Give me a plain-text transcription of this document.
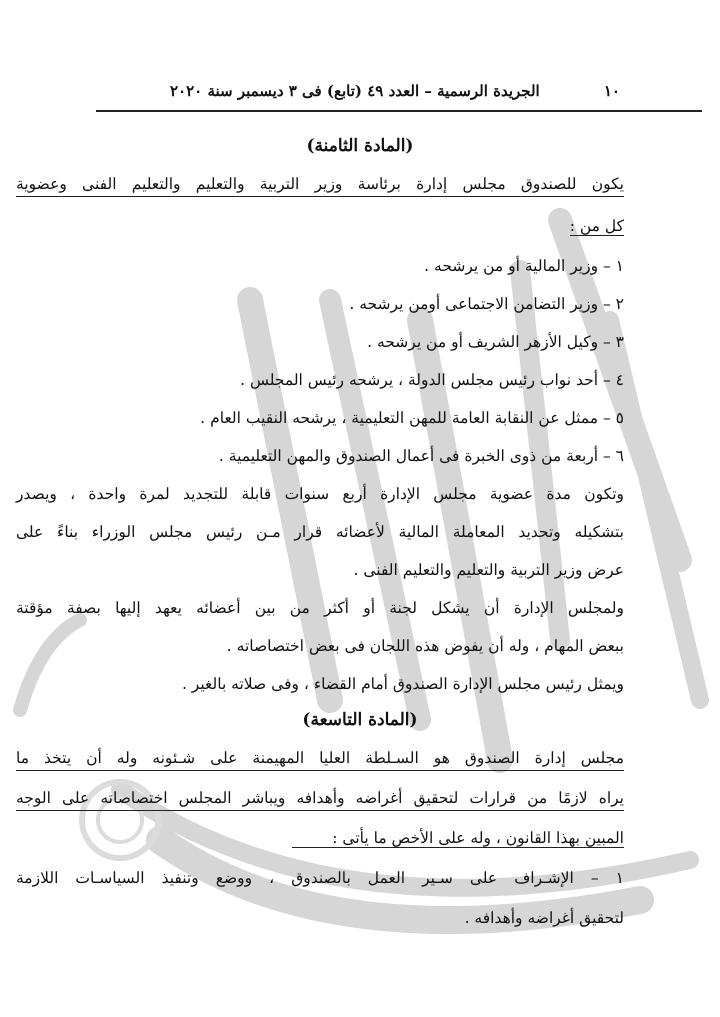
١٠
الجريدة الرسمية – العدد ٤٩ (تابع) فى ٣ ديسمبر سنة ٢٠٢٠
(المادة الثامنة)
يكون للصندوق مجلس إدارة برئاسة وزير التربية والتعليم والتعليم الفنى وعضوية
كل من :
١ – وزير المالية أو من يرشحه .
٢ – وزير التضامن الاجتماعى أومن يرشحه .
٣ – وكيل الأزهر الشريف أو من يرشحه .
٤ – أحد نواب رئيس مجلس الدولة ، يرشحه رئيس المجلس .
٥ – ممثل عن النقابة العامة للمهن التعليمية ، يرشحه النقيب العام .
٦ – أربعة من ذوى الخبرة فى أعمال الصندوق والمهن التعليمية .
وتكون مدة عضوية مجلس الإدارة أربع سنوات قابلة للتجديد لمرة واحدة ، ويصدر
بتشكيله وتحديد المعاملة المالية لأعضائه قرار مـن رئيس مجلس الوزراء بناءً على
عرض وزير التربية والتعليم والتعليم الفنى .
ولمجلس الإدارة أن يشكل لجنة أو أكثر من بين أعضائه يعهد إليها بصفة مؤقتة
ببعض المهام ، وله أن يفوض هذه اللجان فى بعض اختصاصاته .
ويمثل رئيس مجلس الإدارة الصندوق أمام القضاء ، وفى صلاته بالغير .
(المادة التاسعة)
مجلس إدارة الصندوق هو السـلطة العليا المهيمنة على شـئونه وله أن يتخذ ما
يراه لازمًا من قرارات لتحقيق أغراضه وأهدافه ويباشر المجلس اختصاصاته على الوجه
المبين بهذا القانون ، وله على الأخص ما يأتى :
١ – الإشـراف على سـير العمل بالصندوق ، ووضع وتنفيذ السياسـات اللازمة
لتحقيق أغراضه وأهدافه .
